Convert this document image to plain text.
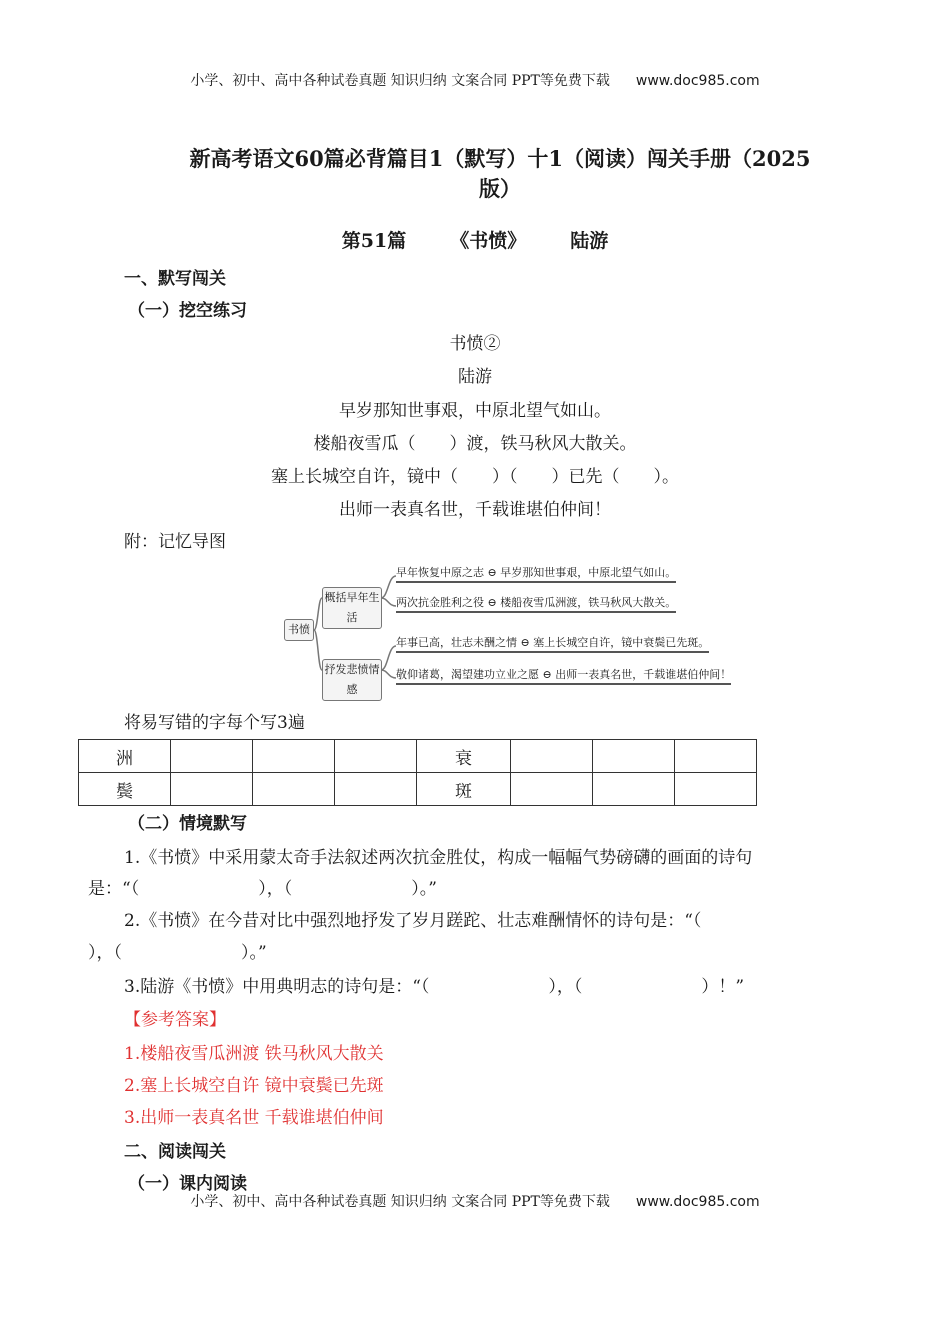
小学、初中、高中各种试卷真题 知识归纳 文案合同 PPT等免费下载 www.doc985.com
新高考语文60篇必背篇目1（默写）十1（阅读）闯关手册（2025
版）
第51篇 《书愤》 陆游
一、默写闯关
（一）挖空练习
书愤②
陆游
早岁那知世事艰，中原北望气如山。
楼船夜雪瓜（　　）渡，铁马秋风大散关。
塞上长城空自许，镜中（　　）（　　）已先（　　）。
出师一表真名世，千载谁堪伯仲间！
附：记忆导图
书愤
概括早年生活
抒发悲愤情感
早年恢复中原之志 ⊖ 早岁那知世事艰，中原北望气如山。
两次抗金胜利之役 ⊖ 楼船夜雪瓜洲渡，铁马秋风大散关。
年事已高，壮志未酬之情 ⊖ 塞上长城空自许，镜中衰鬓已先斑。
敬仰诸葛，渴望建功立业之愿 ⊖ 出师一表真名世，千载谁堪伯仲间！
将易写错的字每个写3遍
洲				衰			
鬓				斑			
（二）情境默写
1.《书愤》中采用蒙太奇手法叙述两次抗金胜仗，构成一幅幅气势磅礴的画面的诗句
是：“（　　　　　　　），（　　　　　　　）。”
2.《书愤》在今昔对比中强烈地抒发了岁月蹉跎、壮志难酬情怀的诗句是：“（
），（　　　　　　　）。”
3.陆游《书愤》中用典明志的诗句是：“（　　　　　　　），（　　　　　　　）！”
【参考答案】
1.楼船夜雪瓜洲渡 铁马秋风大散关
2.塞上长城空自许 镜中衰鬓已先斑
3.出师一表真名世 千载谁堪伯仲间
二、阅读闯关
（一）课内阅读
小学、初中、高中各种试卷真题 知识归纳 文案合同 PPT等免费下载 www.doc985.com
